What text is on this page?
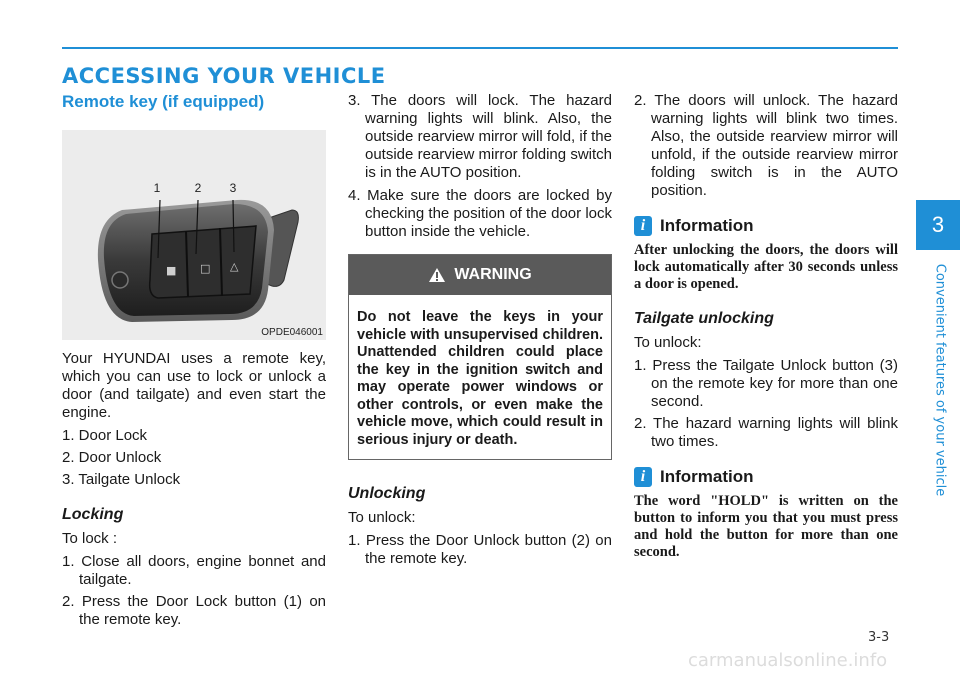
ACCESSING YOUR VEHICLE
Remote key (if equipped)
■ □ △
1	2 3
OPDE046001

Your HYUNDAI uses a remote key, which you can use to lock or unlock a door (and tailgate) and even start the engine.

1. Door Lock

2. Door Unlock

3. Tailgate Unlock

Locking

To lock :

1. Close all doors, engine bonnet and tailgate.

2. Press the Door Lock button (1) on the remote key.

3. The doors will lock. The hazard warning lights will blink. Also, the outside rearview mirror will fold, if the outside rearview mirror folding switch is in the AUTO position.

4. Make sure the doors are locked by checking the position of the door lock button inside the vehicle.

WARNING
Do not leave the keys in your vehicle with unsupervised children. Unattended children could place the key in the ignition switch and may operate power windows or other controls, or even make the vehicle move, which could result in serious injury or death.
Unlocking

To unlock:

1. Press the Door Unlock button (2) on the remote key.

2. The doors will unlock. The hazard warning lights will blink two times. Also, the outside rearview mirror will unfold, if the outside rearview mirror folding switch is in the AUTO position.

i Information

After unlocking the doors, the doors will lock automatically after 30 seconds unless a door is opened.

Tailgate unlocking

To unlock:

1. Press the Tailgate Unlock button (3) on the remote key for more than one second.

2. The hazard warning lights will blink two times.

i Information

The word "HOLD" is written on the button to inform you that you must press and hold the button for more than one second.

3
Convenient features of your vehicle
3-3
carmanualsonline.info
